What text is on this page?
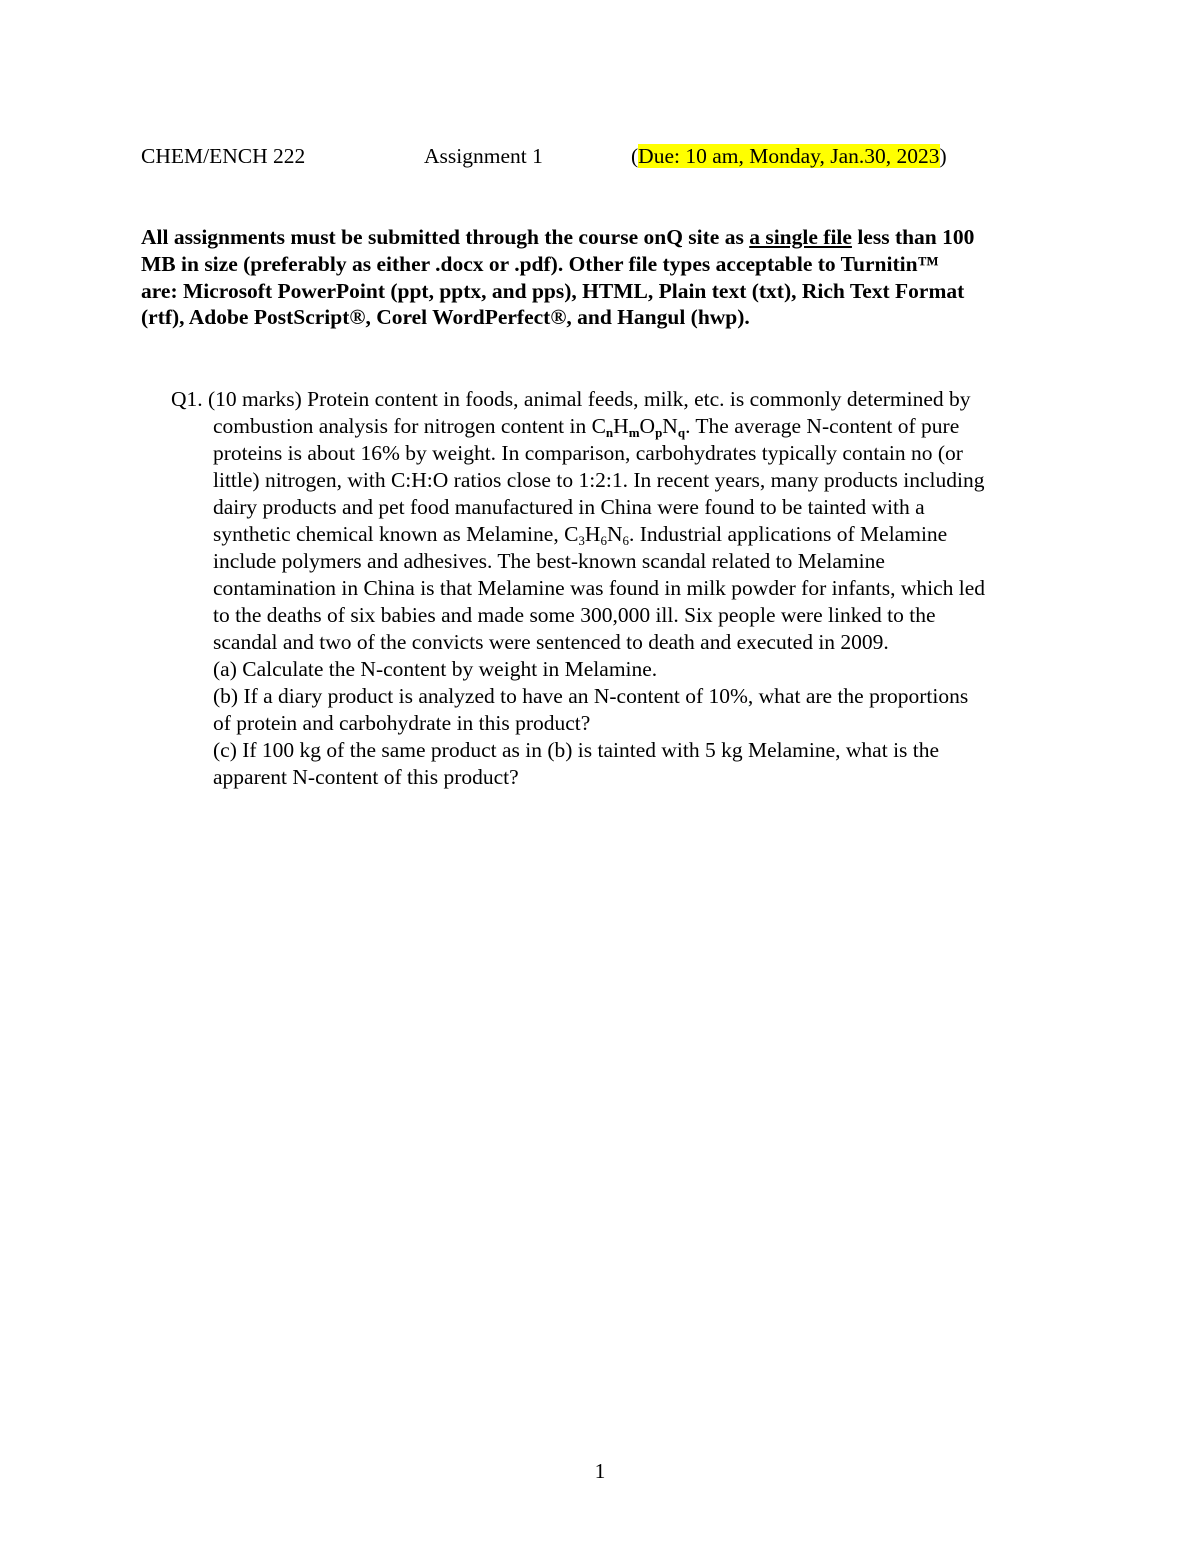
CHEM/ENCH 222	Assignment 1	(Due: 10 am, Monday, Jan.30, 2023)

All assignments must be submitted through the course onQ site as a single file less than 100

MB in size (preferably as either .docx or .pdf). Other file types acceptable to Turnitin™

are: Microsoft PowerPoint (ppt, pptx, and pps), HTML, Plain text (txt), Rich Text Format

(rtf), Adobe PostScript®, Corel WordPerfect®, and Hangul (hwp).

Q1. (10 marks) Protein content in foods, animal feeds, milk, etc. is commonly determined by

combustion analysis for nitrogen content in $C_nH_mO_pN_q$. The average N-content of pure

proteins is about 16% by weight. In comparison, carbohydrates typically contain no (or

little) nitrogen, with C:H:O ratios close to 1:2:1. In recent years, many products including

dairy products and pet food manufactured in China were found to be tainted with a

synthetic chemical known as Melamine, $C_3H_6N_6$. Industrial applications of Melamine

include polymers and adhesives. The best-known scandal related to Melamine

contamination in China is that Melamine was found in milk powder for infants, which led

to the deaths of six babies and made some 300,000 ill. Six people were linked to the

scandal and two of the convicts were sentenced to death and executed in 2009.

(a) Calculate the N-content by weight in Melamine.

(b) If a diary product is analyzed to have an N-content of 10%, what are the proportions

of protein and carbohydrate in this product?

(c) If 100 kg of the same product as in (b) is tainted with 5 kg Melamine, what is the

apparent N-content of this product?

1
